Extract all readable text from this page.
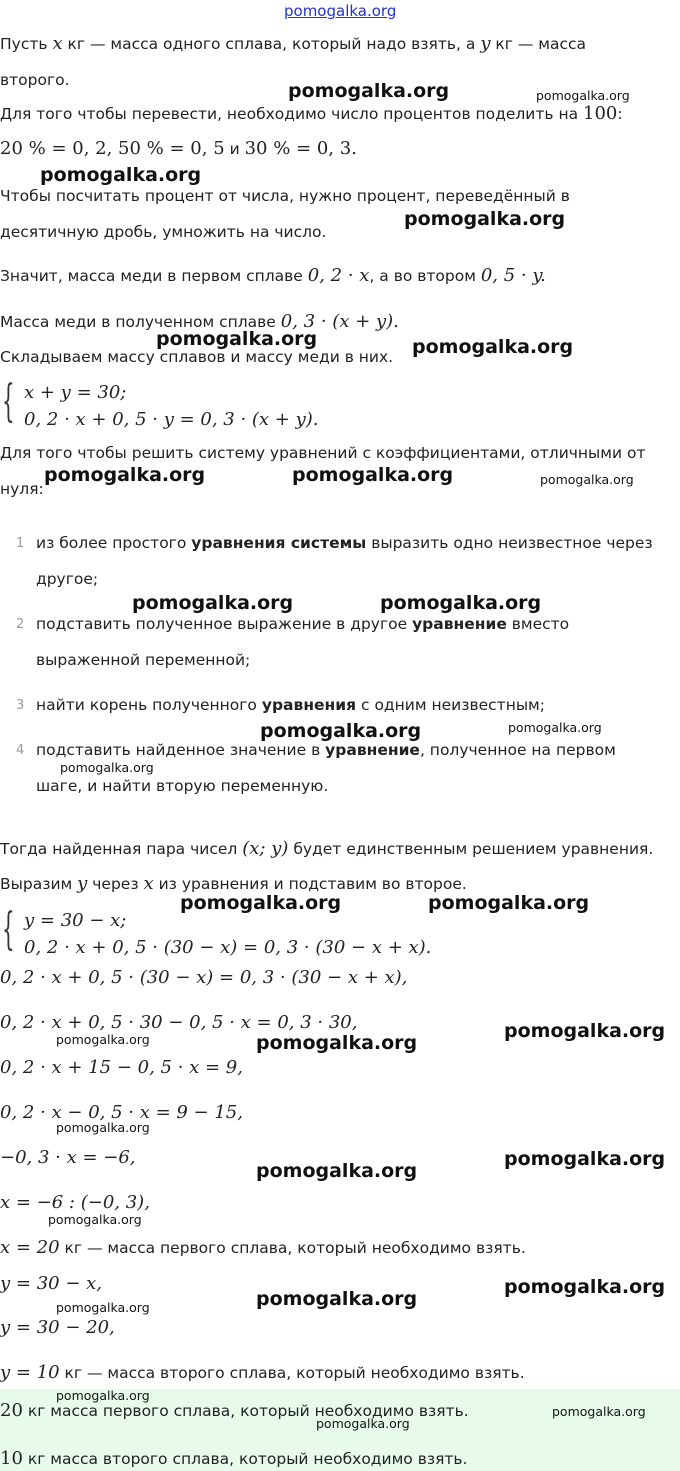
pomogalka.org
Пусть x кг — масса одного сплава, который надо взять, а y кг — масса
второго.
Для того чтобы перевести, необходимо число процентов поделить на 100:
20 % = 0, 2, 50 % = 0, 5 и 30 % = 0, 3.
Чтобы посчитать процент от числа, нужно процент, переведённый в
десятичную дробь, умножить на число.
Значит, масса меди в первом сплаве 0, 2 · x, а во втором 0, 5 · y.
Масса меди в полученном сплаве 0, 3 · (x + y).
Складываем массу сплавов и массу меди в них.
{ x + y = 30;
0, 2 · x + 0, 5 · y = 0, 3 · (x + y).
Для того чтобы решить систему уравнений с коэффициентами, отличными от
нуля:
1 из более простого уравнения системы выразить одно неизвестное через
другое;
2 подставить полученное выражение в другое уравнение вместо
выраженной переменной;
3 найти корень полученного уравнения с одним неизвестным;
4 подставить найденное значение в уравнение, полученное на первом
шаге, и найти вторую переменную.
Тогда найденная пара чисел (x; y) будет единственным решением уравнения.
Выразим y через x из уравнения и подставим во второе.
{ y = 30 − x;
0, 2 · x + 0, 5 · (30 − x) = 0, 3 · (30 − x + x).
0, 2 · x + 0, 5 · (30 − x) = 0, 3 · (30 − x + x),
0, 2 · x + 0, 5 · 30 − 0, 5 · x = 0, 3 · 30,
0, 2 · x + 15 − 0, 5 · x = 9,
0, 2 · x − 0, 5 · x = 9 − 15,
−0, 3 · x = −6,
x = −6 : (−0, 3),
x = 20 кг — масса первого сплава, который необходимо взять.
y = 30 − x,
y = 30 − 20,
y = 10 кг — масса второго сплава, который необходимо взять.
20 кг масса первого сплава, который необходимо взять.
10 кг масса второго сплава, который необходимо взять.
pomogalka.org	pomogalka.org
pomogalka.org
pomogalka.org
pomogalka.org	pomogalka.org
pomogalka.org	pomogalka.org	pomogalka.org
pomogalka.org	pomogalka.org
pomogalka.org	pomogalka.org
pomogalka.org
pomogalka.org	pomogalka.org
pomogalka.org
pomogalka.org	pomogalka.org
pomogalka.org
pomogalka.org
pomogalka.org
pomogalka.org
pomogalka.org
pomogalka.org
pomogalka.org
pomogalka.org
pomogalka.org
pomogalka.org
